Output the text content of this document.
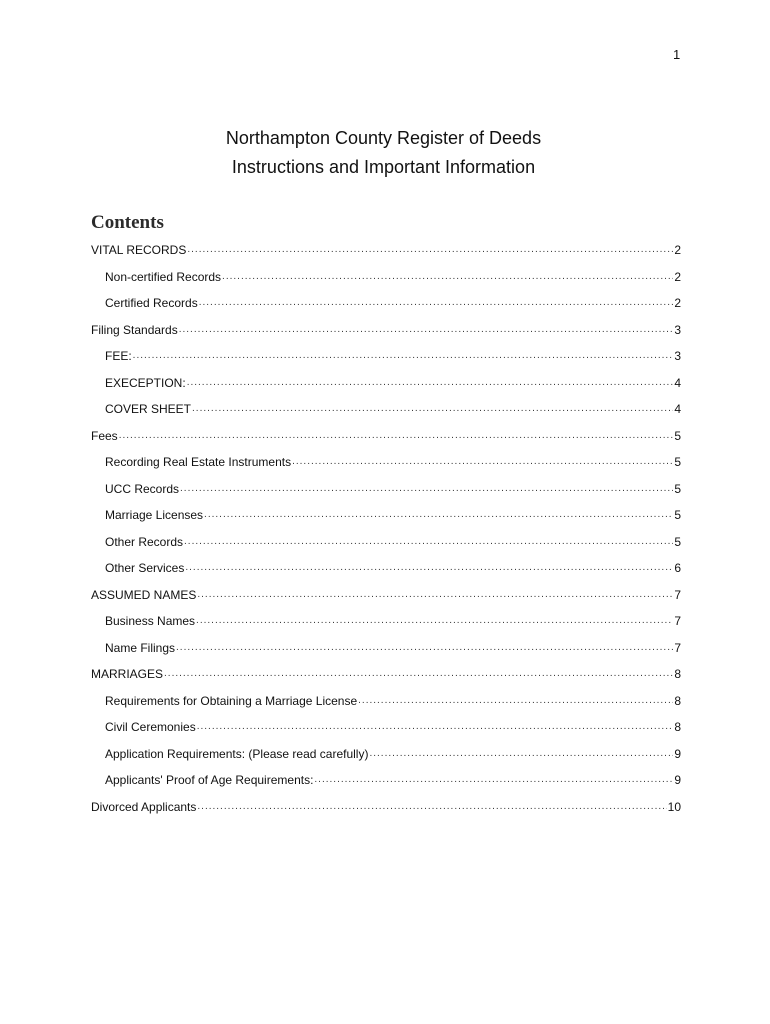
1
Northampton County Register of Deeds
Instructions and Important Information
Contents
VITAL RECORDS .....	2
Non-certified Records .....	2
Certified Records .....	2
Filing Standards .....	3
FEE: .....	3
EXECEPTION: .....	4
COVER SHEET .....	4
Fees .....	5
Recording Real Estate Instruments .....	5
UCC Records .....	5
Marriage Licenses .....	5
Other Records .....	5
Other Services .....	6
ASSUMED NAMES .....	7
Business Names .....	7
Name Filings .....	7
MARRIAGES .....	8
Requirements for Obtaining a Marriage License .....	8
Civil Ceremonies .....	8
Application Requirements: (Please read carefully) .....	9
Applicants' Proof of Age Requirements: .....	9
Divorced Applicants .....	10
